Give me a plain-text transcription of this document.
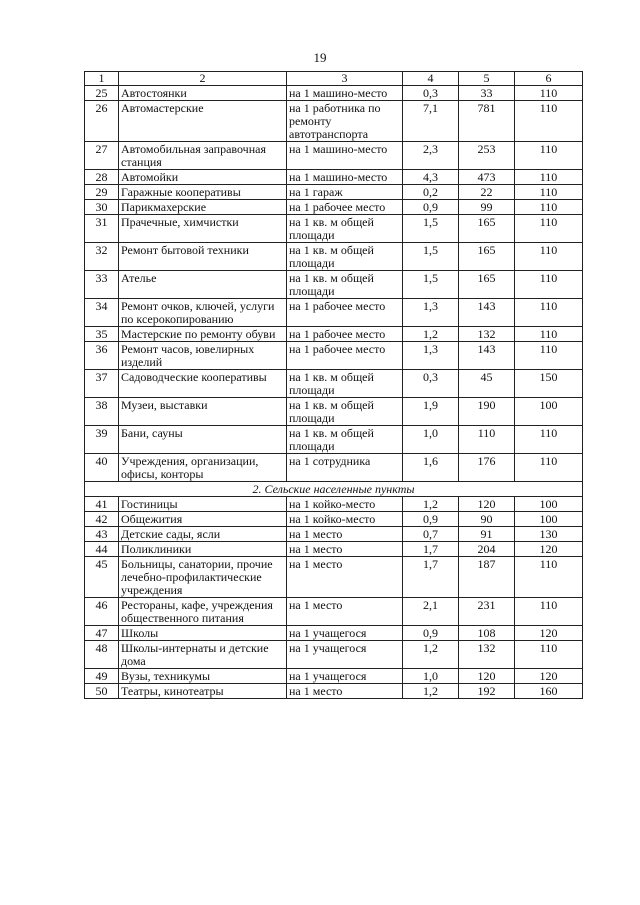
19
1	2	3	4	5	6
25	Автостоянки	на 1 машино-место	0,3	33	110
26	Автомастерские	на 1 работника по ремонту автотранспорта	7,1	781	110
27	Автомобильная заправочная станция	на 1 машино-место	2,3	253	110
28	Автомойки	на 1 машино-место	4,3	473	110
29	Гаражные кооперативы	на 1 гараж	0,2	22	110
30	Парикмахерские	на 1 рабочее место	0,9	99	110
31	Прачечные, химчистки	на 1 кв. м общей площади	1,5	165	110
32	Ремонт бытовой техники	на 1 кв. м общей площади	1,5	165	110
33	Ателье	на 1 кв. м общей площади	1,5	165	110
34	Ремонт очков, ключей, услуги по ксерокопированию	на 1 рабочее место	1,3	143	110
35	Мастерские по ремонту обуви	на 1 рабочее место	1,2	132	110
36	Ремонт часов, ювелирных изделий	на 1 рабочее место	1,3	143	110
37	Садоводческие кооперативы	на 1 кв. м общей площади	0,3	45	150
38	Музеи, выставки	на 1 кв. м общей площади	1,9	190	100
39	Бани, сауны	на 1 кв. м общей площади	1,0	110	110
40	Учреждения, организации, офисы, конторы	на 1 сотрудника	1,6	176	110
2. Сельские населенные пункты					
41	Гостиницы	на 1 койко-место	1,2	120	100
42	Общежития	на 1 койко-место	0,9	90	100
43	Детские сады, ясли	на 1 место	0,7	91	130
44	Поликлиники	на 1 место	1,7	204	120
45	Больницы, санатории, прочие лечебно-профилактические учреждения	на 1 место	1,7	187	110
46	Рестораны, кафе, учреждения общественного питания	на 1 место	2,1	231	110
47	Школы	на 1 учащегося	0,9	108	120
48	Школы-интернаты и детские дома	на 1 учащегося	1,2	132	110
49	Вузы, техникумы	на 1 учащегося	1,0	120	120
50	Театры, кинотеатры	на 1 место	1,2	192	160
